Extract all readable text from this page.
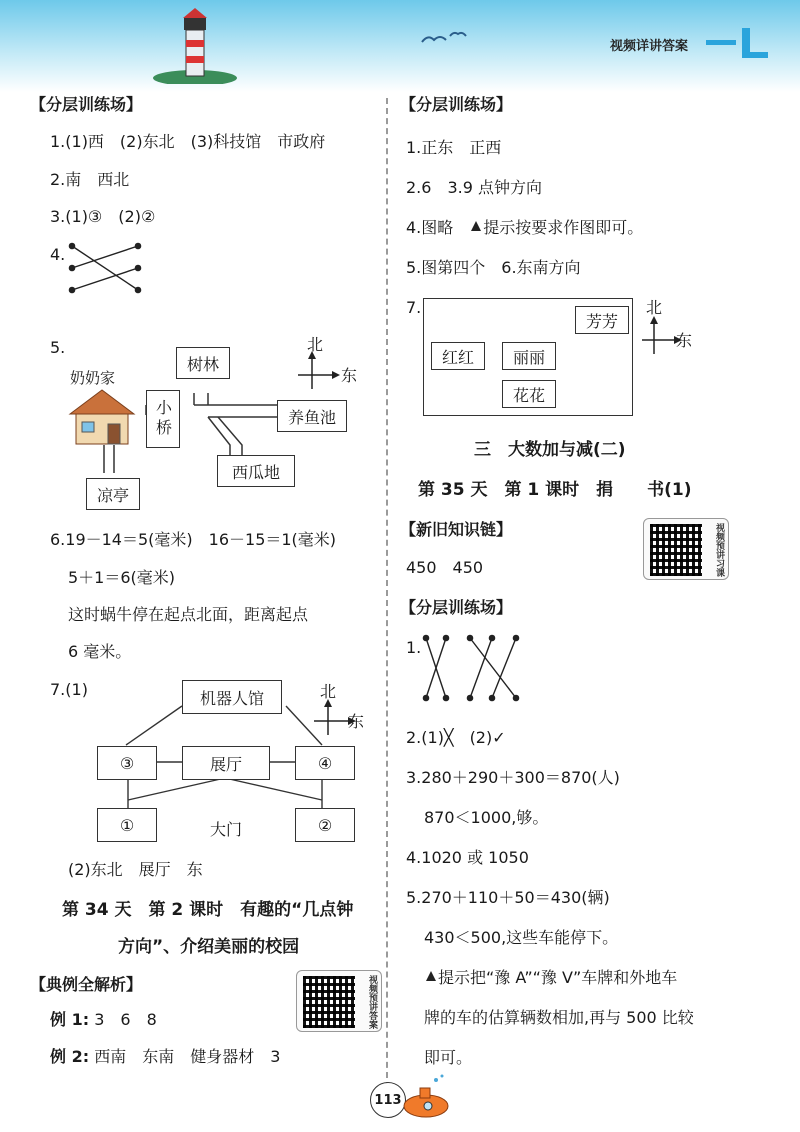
视频详讲答案
【分层训练场】
1.(1)西　(2)东北　(3)科技馆　市政府
2.南　西北
3.(1)③　(2)②
4.
5.
奶奶家
树林
小桥	养鱼池
西瓜地
凉亭
北
东
6.19－14＝5(毫米)　16－15＝1(毫米)
5＋1＝6(毫米)
这时蜗牛停在起点北面，距离起点
6 毫米。
7.(1)	机器人馆
③	展厅	④
①	②
大门
北
东
(2)东北　展厅　东
第 34 天　第 2 课时　有趣的“几点钟
方向”、介绍美丽的校园
【典例全解析】	视频预讲答案
例 1: 3　6　8
例 2: 西南　东南　健身器材　3
【分层训练场】
1.正东　正西
2.6　3.9 点钟方向
4.图略　 提示按要求作图即可。
5.图第四个　6.东南方向
7.
芳芳
红红	丽丽
花花
北
东
三　大数加与减(二)
第 35 天　第 1 课时　捐　　书(1)
【新旧知识链】	视频预讲习课
450　450
【分层训练场】
1.
2.(1)╳　(2)✓
3.280＋290＋300＝870(人)
870＜1000,够。
4.1020 或 1050
5.270＋110＋50＝430(辆)
430＜500,这些车能停下。
提示把“豫 A”“豫 V”车牌和外地车
牌的车的估算辆数相加,再与 500 比较
即可。
113
